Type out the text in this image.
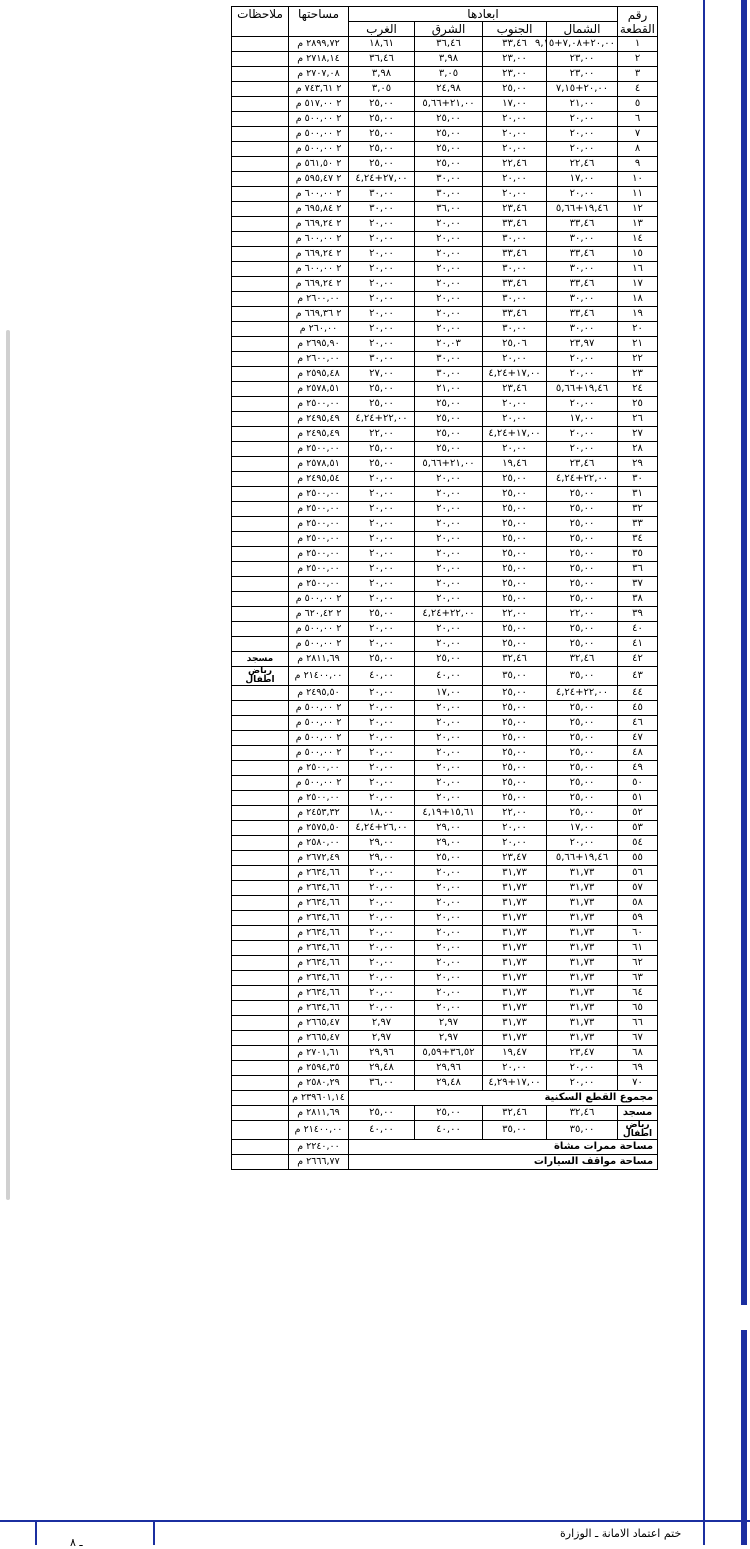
رقم القطعة	ابعادها				مساحتها	ملاحظات
	الشمال	الجنوب	الشرق	الغرب		
١	٢٠,٠٠+٧,٠٨+٩,١٥	٣٣,٤٦	٣٦,٤٦	١٨,٦١	٢٨٩٩,٧٢ م	
٢	٢٣,٠٠	٢٣,٠٠	٣,٩٨	٣٦,٤٦	٢٧١٨,١٤ م	
٣	٢٣,٠٠	٢٣,٠٠	٣,٠٥	٣,٩٨	٢٧٠٧,٠٨ م	
٤	٢٠,٠٠+٧,١٥	٢٥,٠٠	٢٤,٩٨	٣,٠٥	٢ ٧٤٣,٦١ م	
٥	٢١,٠٠	١٧,٠٠	٢١,٠٠+٥,٦٦	٢٥,٠٠	٢ ٥١٧,٠٠ م	
٦	٢٠,٠٠	٢٠,٠٠	٢٥,٠٠	٢٥,٠٠	٢ ٥٠٠,٠٠ م	
٧	٢٠,٠٠	٢٠,٠٠	٢٥,٠٠	٢٥,٠٠	٢ ٥٠٠,٠٠ م	
٨	٢٠,٠٠	٢٠,٠٠	٢٥,٠٠	٢٥,٠٠	٢ ٥٠٠,٠٠ م	
٩	٢٢,٤٦	٢٢,٤٦	٢٥,٠٠	٢٥,٠٠	٢ ٥٦١,٥٠ م	
١٠	١٧,٠٠	٢٠,٠٠	٣٠,٠٠	٢٧,٠٠+٤,٢٤	٢ ٥٩٥,٤٧ م	
١١	٢٠,٠٠	٢٠,٠٠	٣٠,٠٠	٣٠,٠٠	٢ ٦٠٠,٠٠ م	
١٢	١٩,٤٦+٥,٦٦	٢٣,٤٦	٣٦,٠٠	٣٠,٠٠	٢ ٦٩٥,٨٤ م	
١٣	٣٣,٤٦	٣٣,٤٦	٢٠,٠٠	٢٠,٠٠	٢ ٦٦٩,٢٤ م	
١٤	٣٠,٠٠	٣٠,٠٠	٢٠,٠٠	٢٠,٠٠	٢ ٦٠٠,٠٠ م	
١٥	٣٣,٤٦	٣٣,٤٦	٢٠,٠٠	٢٠,٠٠	٢ ٦٦٩,٢٤ م	
١٦	٣٠,٠٠	٣٠,٠٠	٢٠,٠٠	٢٠,٠٠	٢ ٦٠٠,٠٠ م	
١٧	٣٣,٤٦	٣٣,٤٦	٢٠,٠٠	٢٠,٠٠	٢ ٦٦٩,٢٤ م	
١٨	٣٠,٠٠	٣٠,٠٠	٢٠,٠٠	٢٠,٠٠	٢٦٠٠,٠٠ م	
١٩	٣٣,٤٦	٣٣,٤٦	٢٠,٠٠	٢٠,٠٠	٢ ٦٦٩,٣٦ م	
٢٠	٣٠,٠٠	٣٠,٠٠	٢٠,٠٠	٢٠,٠٠	٢٦٠,٠٠ م	
٢١	٢٣,٩٧	٢٥,٠٦	٢٠,٠٣	٢٠,٠٠	٢٦٩٥,٩٠ م	
٢٢	٢٠,٠٠	٢٠,٠٠	٣٠,٠٠	٣٠,٠٠	٢٦٠٠,٠٠ م	
٢٣	٢٠,٠٠	١٧,٠٠+٤,٢٤	٣٠,٠٠	٢٧,٠٠	٢٥٩٥,٤٨ م	
٢٤	١٩,٤٦+٥,٦٦	٢٣,٤٦	٢١,٠٠	٢٥,٠٠	٢٥٧٨,٥١ م	
٢٥	٢٠,٠٠	٢٠,٠٠	٢٥,٠٠	٢٥,٠٠	٢٥٠٠,٠٠ م	
٢٦	١٧,٠٠	٢٠,٠٠	٢٥,٠٠	٢٢,٠٠+٤,٢٤	٢٤٩٥,٤٩ م	
٢٧	٢٠,٠٠	١٧,٠٠+٤,٢٤	٢٥,٠٠	٢٢,٠٠	٢٤٩٥,٤٩ م	
٢٨	٢٠,٠٠	٢٠,٠٠	٢٥,٠٠	٢٥,٠٠	٢٥٠٠,٠٠ م	
٢٩	٢٣,٤٦	١٩,٤٦	٢١,٠٠+٥,٦٦	٢٥,٠٠	٢٥٧٨,٥١ م	
٣٠	٢٢,٠٠+٤,٢٤	٢٥,٠٠	٢٠,٠٠	٢٠,٠٠	٢٤٩٥,٥٤ م	
٣١	٢٥,٠٠	٢٥,٠٠	٢٠,٠٠	٢٠,٠٠	٢٥٠٠,٠٠ م	
٣٢	٢٥,٠٠	٢٥,٠٠	٢٠,٠٠	٢٠,٠٠	٢٥٠٠,٠٠ م	
٣٣	٢٥,٠٠	٢٥,٠٠	٢٠,٠٠	٢٠,٠٠	٢٥٠٠,٠٠ م	
٣٤	٢٥,٠٠	٢٥,٠٠	٢٠,٠٠	٢٠,٠٠	٢٥٠٠,٠٠ م	
٣٥	٢٥,٠٠	٢٥,٠٠	٢٠,٠٠	٢٠,٠٠	٢٥٠٠,٠٠ م	
٣٦	٢٥,٠٠	٢٥,٠٠	٢٠,٠٠	٢٠,٠٠	٢٥٠٠,٠٠ م	
٣٧	٢٥,٠٠	٢٥,٠٠	٢٠,٠٠	٢٠,٠٠	٢٥٠٠,٠٠ م	
٣٨	٢٥,٠٠	٢٥,٠٠	٢٠,٠٠	٢٠,٠٠	٢ ٥٠٠,٠٠ م	
٣٩	٢٢,٠٠	٢٢,٠٠	٢٢,٠٠+٤,٢٤	٢٥,٠٠	٢ ٦٢٠,٤٢ م	
٤٠	٢٥,٠٠	٢٥,٠٠	٢٠,٠٠	٢٠,٠٠	٢ ٥٠٠,٠٠ م	
٤١	٢٥,٠٠	٢٥,٠٠	٢٠,٠٠	٢٠,٠٠	٢ ٥٠٠,٠٠ م	
٤٢	٣٢,٤٦	٣٢,٤٦	٢٥,٠٠	٢٥,٠٠	٢٨١١,٦٩ م	مسجد
٤٣	٣٥,٠٠	٣٥,٠٠	٤٠,٠٠	٤٠,٠٠	٢١٤٠٠,٠٠ م	رياض اطفال
٤٤	٢٢,٠٠+٤,٢٤	٢٥,٠٠	١٧,٠٠	٢٠,٠٠	٢٤٩٥,٥٠ م	
٤٥	٢٥,٠٠	٢٥,٠٠	٢٠,٠٠	٢٠,٠٠	٢ ٥٠٠,٠٠ م	
٤٦	٢٥,٠٠	٢٥,٠٠	٢٠,٠٠	٢٠,٠٠	٢ ٥٠٠,٠٠ م	
٤٧	٢٥,٠٠	٢٥,٠٠	٢٠,٠٠	٢٠,٠٠	٢ ٥٠٠,٠٠ م	
٤٨	٢٥,٠٠	٢٥,٠٠	٢٠,٠٠	٢٠,٠٠	٢ ٥٠٠,٠٠ م	
٤٩	٢٥,٠٠	٢٥,٠٠	٢٠,٠٠	٢٠,٠٠	٢٥٠٠,٠٠ م	
٥٠	٢٥,٠٠	٢٥,٠٠	٢٠,٠٠	٢٠,٠٠	٢ ٥٠٠,٠٠ م	
٥١	٢٥,٠٠	٢٥,٠٠	٢٠,٠٠	٢٠,٠٠	٢٥٠٠,٠٠ م	
٥٢	٢٥,٠٠	٢٢,٠٠	١٥,٦١+٤,١٩	١٨,٠٠	٢٤٥٣,٣٢ م	
٥٣	١٧,٠٠	٢٠,٠٠	٢٩,٠٠	٢٦,٠٠+٤,٢٤	٢٥٧٥,٥٠ م	
٥٤	٢٠,٠٠	٢٠,٠٠	٢٩,٠٠	٢٩,٠٠	٢٥٨٠,٠٠ م	
٥٥	١٩,٤٦+٥,٦٦	٢٣,٤٧	٢٥,٠٠	٢٩,٠٠	٢٦٧٢,٤٩ م	
٥٦	٣١,٧٣	٣١,٧٣	٢٠,٠٠	٢٠,٠٠	٢٦٣٤,٦٦ م	
٥٧	٣١,٧٣	٣١,٧٣	٢٠,٠٠	٢٠,٠٠	٢٦٣٤,٦٦ م	
٥٨	٣١,٧٣	٣١,٧٣	٢٠,٠٠	٢٠,٠٠	٢٦٣٤,٦٦ م	
٥٩	٣١,٧٣	٣١,٧٣	٢٠,٠٠	٢٠,٠٠	٢٦٣٤,٦٦ م	
٦٠	٣١,٧٣	٣١,٧٣	٢٠,٠٠	٢٠,٠٠	٢٦٣٤,٦٦ م	
٦١	٣١,٧٣	٣١,٧٣	٢٠,٠٠	٢٠,٠٠	٢٦٣٤,٦٦ م	
٦٢	٣١,٧٣	٣١,٧٣	٢٠,٠٠	٢٠,٠٠	٢٦٣٤,٦٦ م	
٦٣	٣١,٧٣	٣١,٧٣	٢٠,٠٠	٢٠,٠٠	٢٦٣٤,٦٦ م	
٦٤	٣١,٧٣	٣١,٧٣	٢٠,٠٠	٢٠,٠٠	٢٦٣٤,٦٦ م	
٦٥	٣١,٧٣	٣١,٧٣	٢٠,٠٠	٢٠,٠٠	٢٦٣٤,٦٦ م	
٦٦	٣١,٧٣	٣١,٧٣	٢,٩٧	٢,٩٧	٢٦٦٥,٤٧ م	
٦٧	٣١,٧٣	٣١,٧٣	٢,٩٧	٢,٩٧	٢٦٦٥,٤٧ م	
٦٨	٢٣,٤٧	١٩,٤٧	٣٦,٥٢+٥,٥٩	٢٩,٩٦	٢٧٠١,٦١ م	
٦٩	٢٠,٠٠	٢٠,٠٠	٢٩,٩٦	٢٩,٤٨	٢٥٩٤,٣٥ م	
٧٠	٢٠,٠٠	١٧,٠٠+٤,٢٩	٢٩,٤٨	٣٦,٠٠	٢٥٨٠,٢٩ م	
مجموع القطع السكنية					٢٣٩٦٠١,١٤ م	
مسجد	٣٢,٤٦	٣٢,٤٦	٢٥,٠٠	٢٥,٠٠	٢٨١١,٦٩ م	
رياض اطفال	٣٥,٠٠	٣٥,٠٠	٤٠,٠٠	٤٠,٠٠	٢١٤٠٠,٠٠ م	
مساحة ممرات مشاة					٢٢٤٠,٠٠ م	
مساحة مواقف السيارات					٢٦٦٦,٧٧ م	
ختم اعتماد الامانة ـ الوزارة
ـ ٨
